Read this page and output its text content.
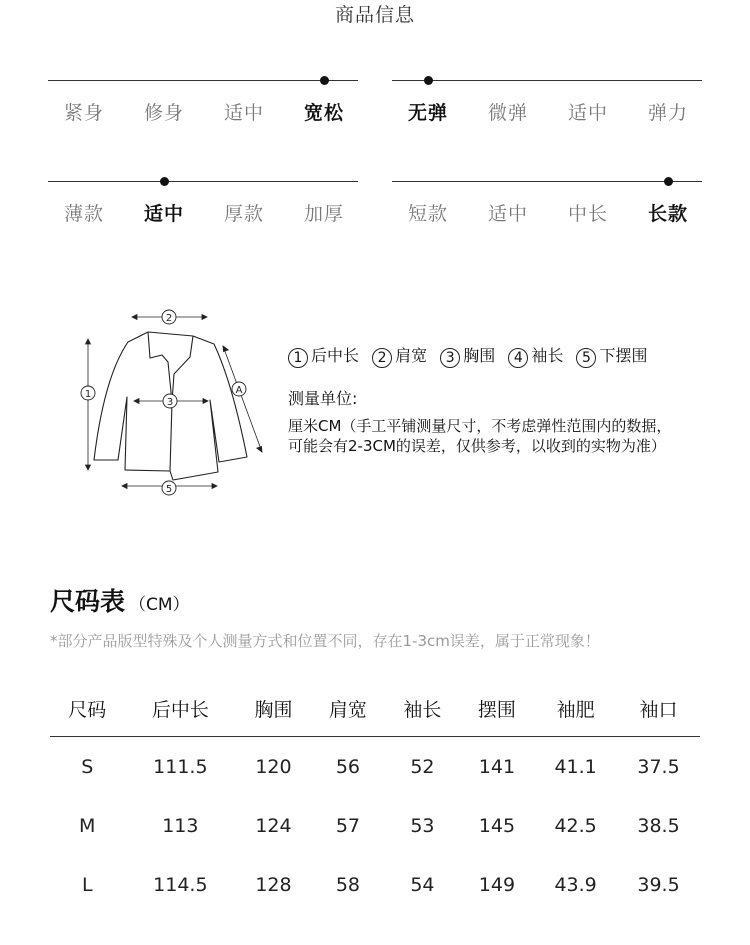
商品信息
紧身	修身	适中	宽松	无弹	微弹	适中	弹力
薄款	适中	厚款	加厚	短款	适中	中长	长款
2
1
3
A
5
1 后中长 2 肩宽 3 胸围 4 袖长 5 下摆围
测量单位:
厘米CM（手工平铺测量尺寸，不考虑弹性范围内的数据，
可能会有2-3CM的误差，仅供参考，以收到的实物为准）
尺码表 （CM）
*部分产品版型特殊及个人测量方式和位置不同，存在1-3cm误差，属于正常现象！
尺码	后中长	胸围	肩宽	袖长	摆围	袖肥	袖口
S	111.5	120	56	52	141	41.1	37.5
M	113	124	57	53	145	42.5	38.5
L	114.5	128	58	54	149	43.9	39.5
